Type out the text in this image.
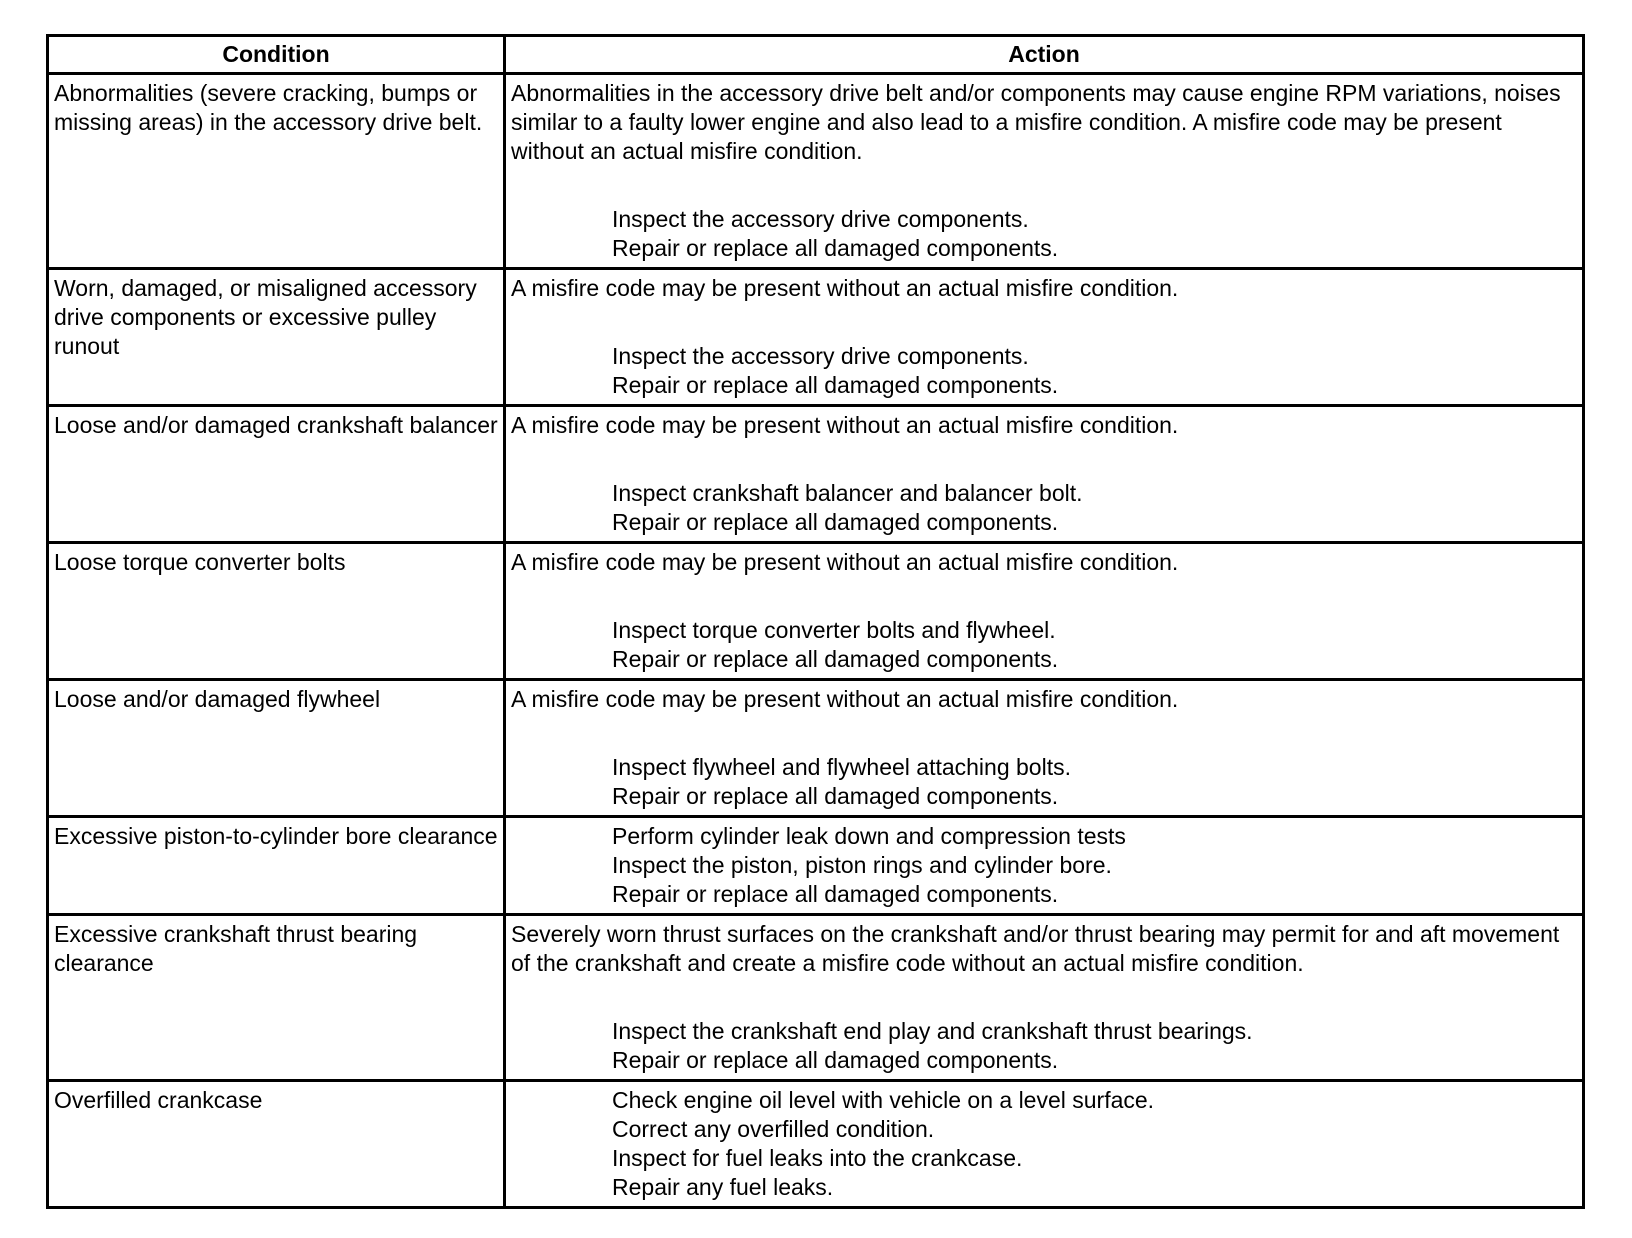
Condition	Action
Abnormalities (severe cracking, bumps or missing areas) in the accessory drive belt.	Abnormalities in the accessory drive belt and/or components may cause engine RPM variations, noises similar to a faulty lower engine and also lead to a misfire condition. A misfire code may be present without an actual misfire condition.
Inspect the accessory drive components.
Repair or replace all damaged components.

Worn, damaged, or misaligned accessory drive components or excessive pulley runout	A misfire code may be present without an actual misfire condition.
Inspect the accessory drive components.
Repair or replace all damaged components.

Loose and/or damaged crankshaft balancer	A misfire code may be present without an actual misfire condition.
Inspect crankshaft balancer and balancer bolt.
Repair or replace all damaged components.

Loose torque converter bolts	A misfire code may be present without an actual misfire condition.
Inspect torque converter bolts and flywheel.
Repair or replace all damaged components.

Loose and/or damaged flywheel	A misfire code may be present without an actual misfire condition.
Inspect flywheel and flywheel attaching bolts.
Repair or replace all damaged components.

Excessive piston-to-cylinder bore clearance	Perform cylinder leak down and compression tests
Inspect the piston, piston rings and cylinder bore.
Repair or replace all damaged components.

Excessive crankshaft thrust bearing clearance	Severely worn thrust surfaces on the crankshaft and/or thrust bearing may permit for and aft movement of the crankshaft and create a misfire code without an actual misfire condition.
Inspect the crankshaft end play and crankshaft thrust bearings.
Repair or replace all damaged components.

Overfilled crankcase	Check engine oil level with vehicle on a level surface.
Correct any overfilled condition.
Inspect for fuel leaks into the crankcase.
Repair any fuel leaks.
